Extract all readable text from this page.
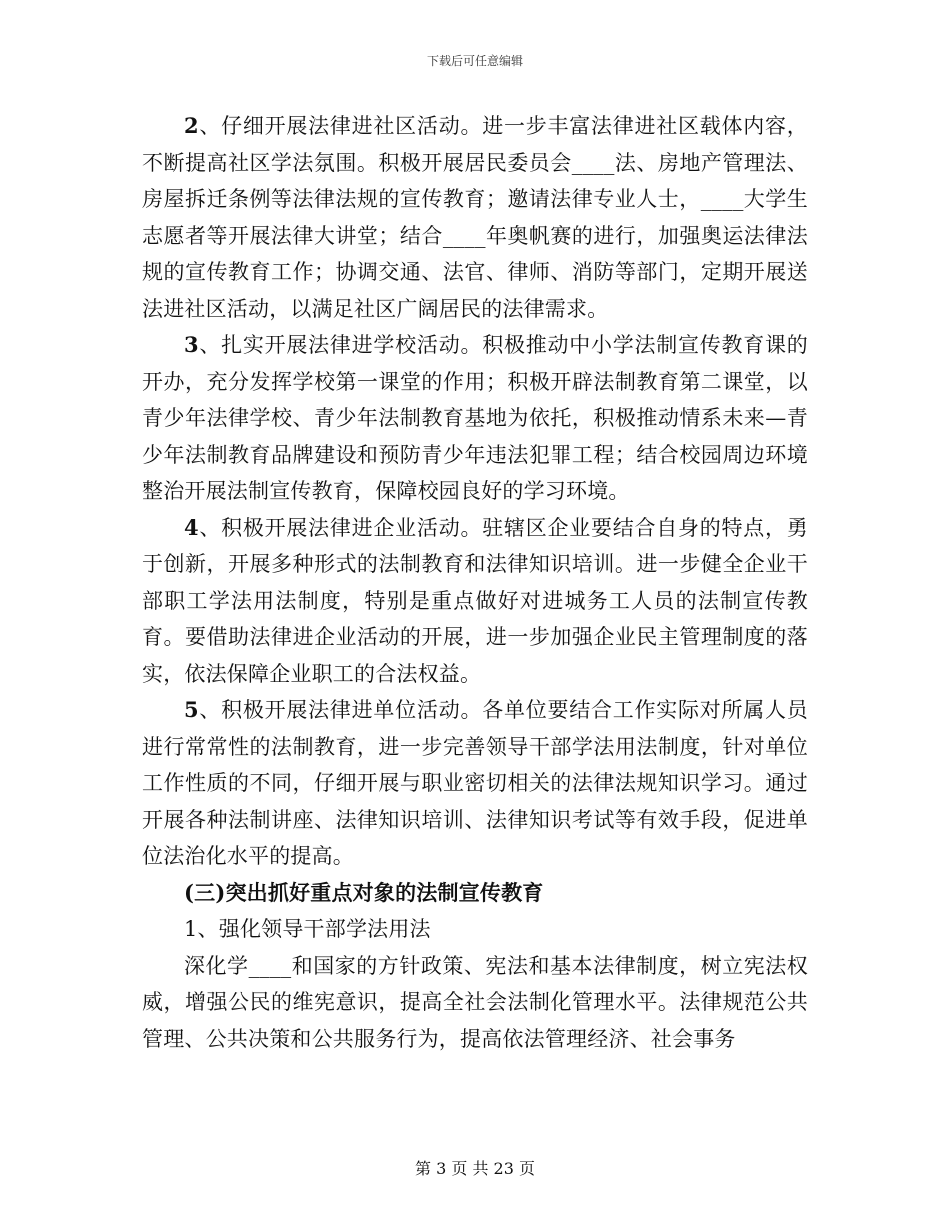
下载后可任意编辑

2、仔细开展法律进社区活动。进一步丰富法律进社区载体内容，不断提高社区学法氛围。积极开展居民委员会____法、房地产管理法、房屋拆迁条例等法律法规的宣传教育；邀请法律专业人士，____大学生志愿者等开展法律大讲堂；结合____年奥帆赛的进行，加强奥运法律法规的宣传教育工作；协调交通、法官、律师、消防等部门，定期开展送法进社区活动，以满足社区广阔居民的法律需求。

3、扎实开展法律进学校活动。积极推动中小学法制宣传教育课的开办，充分发挥学校第一课堂的作用；积极开辟法制教育第二课堂，以青少年法律学校、青少年法制教育基地为依托，积极推动情系未来—青少年法制教育品牌建设和预防青少年违法犯罪工程；结合校园周边环境整治开展法制宣传教育，保障校园良好的学习环境。

4、积极开展法律进企业活动。驻辖区企业要结合自身的特点，勇于创新，开展多种形式的法制教育和法律知识培训。进一步健全企业干部职工学法用法制度，特别是重点做好对进城务工人员的法制宣传教育。要借助法律进企业活动的开展，进一步加强企业民主管理制度的落实，依法保障企业职工的合法权益。

5、积极开展法律进单位活动。各单位要结合工作实际对所属人员进行常常性的法制教育，进一步完善领导干部学法用法制度，针对单位工作性质的不同，仔细开展与职业密切相关的法律法规知识学习。通过开展各种法制讲座、法律知识培训、法律知识考试等有效手段，促进单位法治化水平的提高。

(三)突出抓好重点对象的法制宣传教育

1、强化领导干部学法用法

深化学____和国家的方针政策、宪法和基本法律制度，树立宪法权威，增强公民的维宪意识，提高全社会法制化管理水平。法律规范公共管理、公共决策和公共服务行为，提高依法管理经济、社会事务

第 3 页 共 23 页
